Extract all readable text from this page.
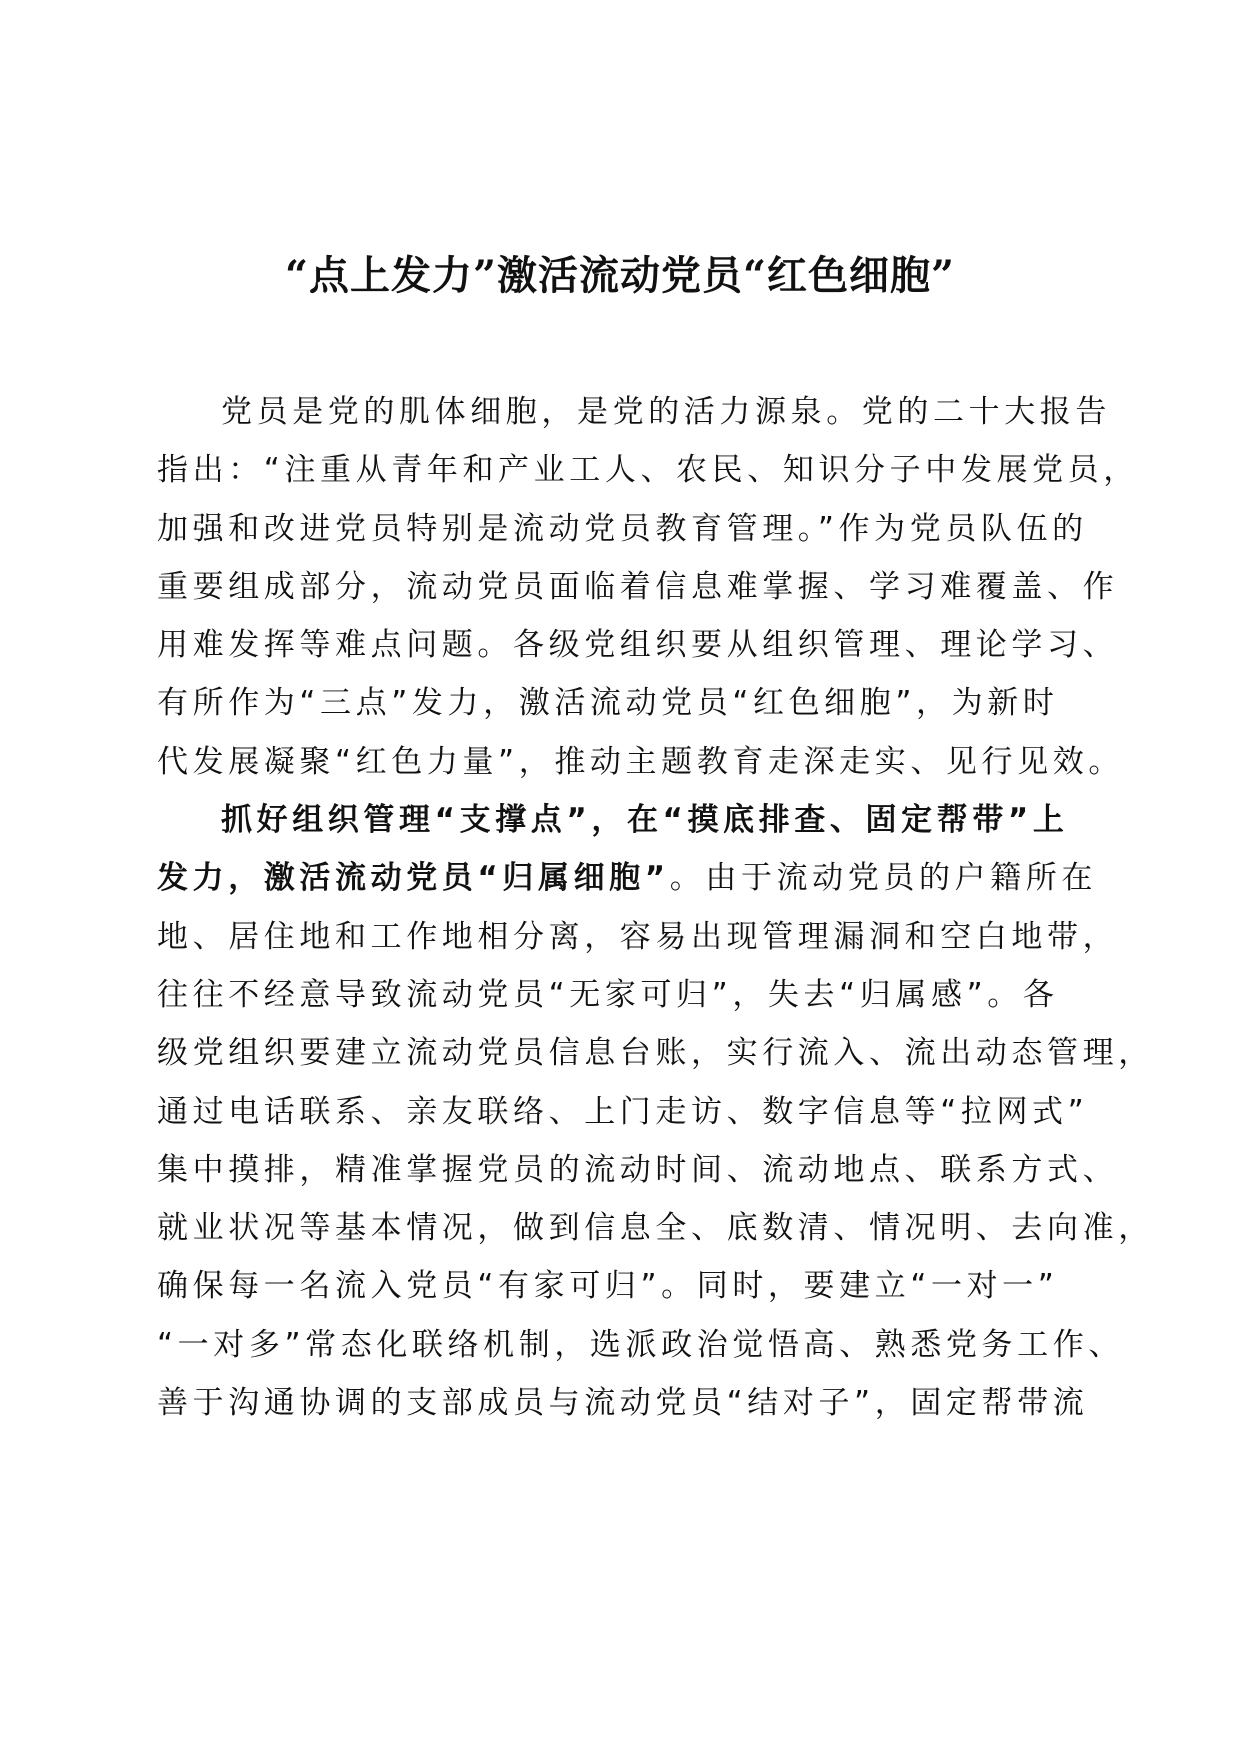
“点上发力”激活流动党员“红色细胞”
党员是党的肌体细胞，是党的活力源泉。党的二十大报告
指出：“注重从青年和产业工人、农民、知识分子中发展党员，
加强和改进党员特别是流动党员教育管理。”作为党员队伍的
重要组成部分，流动党员面临着信息难掌握、学习难覆盖、作
用难发挥等难点问题。各级党组织要从组织管理、理论学习、
有所作为“三点”发力，激活流动党员“红色细胞”，为新时
代发展凝聚“红色力量”，推动主题教育走深走实、见行见效。
抓好组织管理“支撑点”，在“摸底排查、固定帮带”上
发力，激活流动党员“归属细胞”。由于流动党员的户籍所在
地、居住地和工作地相分离，容易出现管理漏洞和空白地带，
往往不经意导致流动党员“无家可归”，失去“归属感”。各
级党组织要建立流动党员信息台账，实行流入、流出动态管理，
通过电话联系、亲友联络、上门走访、数字信息等“拉网式”
集中摸排，精准掌握党员的流动时间、流动地点、联系方式、
就业状况等基本情况，做到信息全、底数清、情况明、去向准，
确保每一名流入党员“有家可归”。同时，要建立“一对一”
“一对多”常态化联络机制，选派政治觉悟高、熟悉党务工作、
善于沟通协调的支部成员与流动党员“结对子”，固定帮带流
